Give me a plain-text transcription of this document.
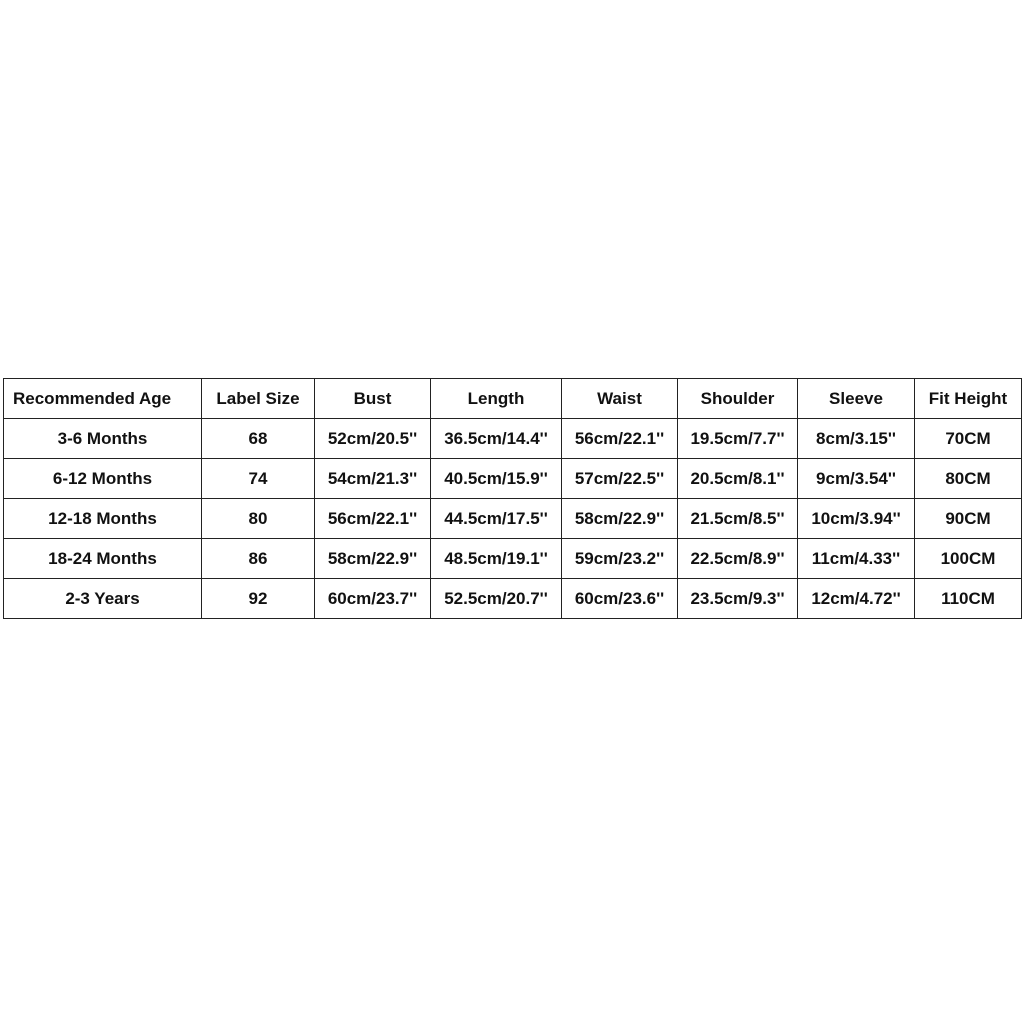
Recommended Age	Label Size	Bust	Length	Waist	Shoulder	Sleeve	Fit Height
3-6 Months	68	52cm/20.5''	36.5cm/14.4''	56cm/22.1''	19.5cm/7.7''	8cm/3.15''	70CM
6-12 Months	74	54cm/21.3''	40.5cm/15.9''	57cm/22.5''	20.5cm/8.1''	9cm/3.54''	80CM
12-18 Months	80	56cm/22.1''	44.5cm/17.5''	58cm/22.9''	21.5cm/8.5''	10cm/3.94''	90CM
18-24 Months	86	58cm/22.9''	48.5cm/19.1''	59cm/23.2''	22.5cm/8.9''	11cm/4.33''	100CM
2-3 Years	92	60cm/23.7''	52.5cm/20.7''	60cm/23.6''	23.5cm/9.3''	12cm/4.72''	110CM
